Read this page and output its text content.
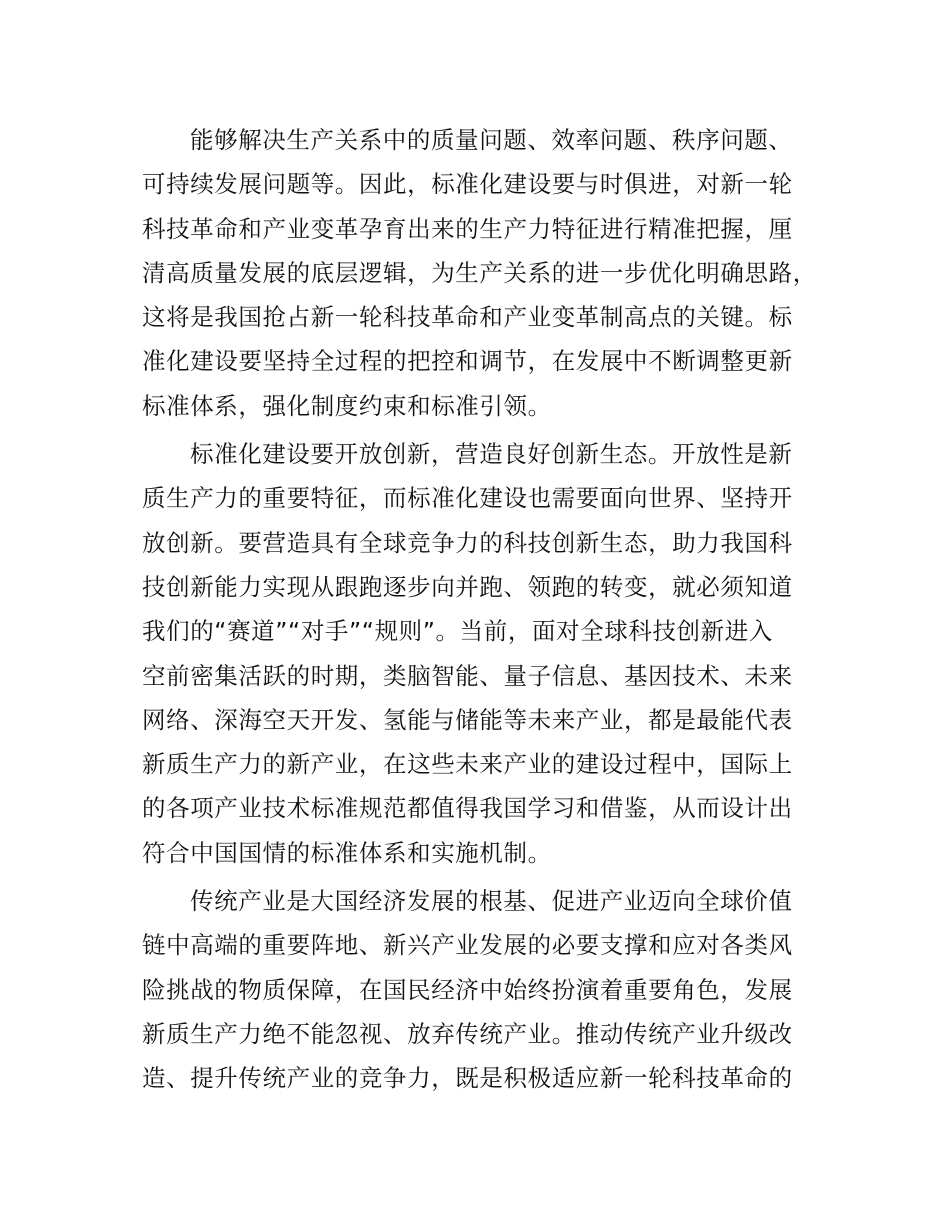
能够解决生产关系中的质量问题、效率问题、秩序问题、
可持续发展问题等。因此，标准化建设要与时俱进，对新一轮
科技革命和产业变革孕育出来的生产力特征进行精准把握，厘
清高质量发展的底层逻辑，为生产关系的进一步优化明确思路，
这将是我国抢占新一轮科技革命和产业变革制高点的关键。标
准化建设要坚持全过程的把控和调节，在发展中不断调整更新
标准体系，强化制度约束和标准引领。

标准化建设要开放创新，营造良好创新生态。开放性是新
质生产力的重要特征，而标准化建设也需要面向世界、坚持开
放创新。要营造具有全球竞争力的科技创新生态，助力我国科
技创新能力实现从跟跑逐步向并跑、领跑的转变，就必须知道
我们的“赛道”“对手”“规则”。当前，面对全球科技创新进入
空前密集活跃的时期，类脑智能、量子信息、基因技术、未来
网络、深海空天开发、氢能与储能等未来产业，都是最能代表
新质生产力的新产业，在这些未来产业的建设过程中，国际上
的各项产业技术标准规范都值得我国学习和借鉴，从而设计出
符合中国国情的标准体系和实施机制。

传统产业是大国经济发展的根基、促进产业迈向全球价值
链中高端的重要阵地、新兴产业发展的必要支撑和应对各类风
险挑战的物质保障，在国民经济中始终扮演着重要角色，发展
新质生产力绝不能忽视、放弃传统产业。推动传统产业升级改
造、提升传统产业的竞争力，既是积极适应新一轮科技革命的
